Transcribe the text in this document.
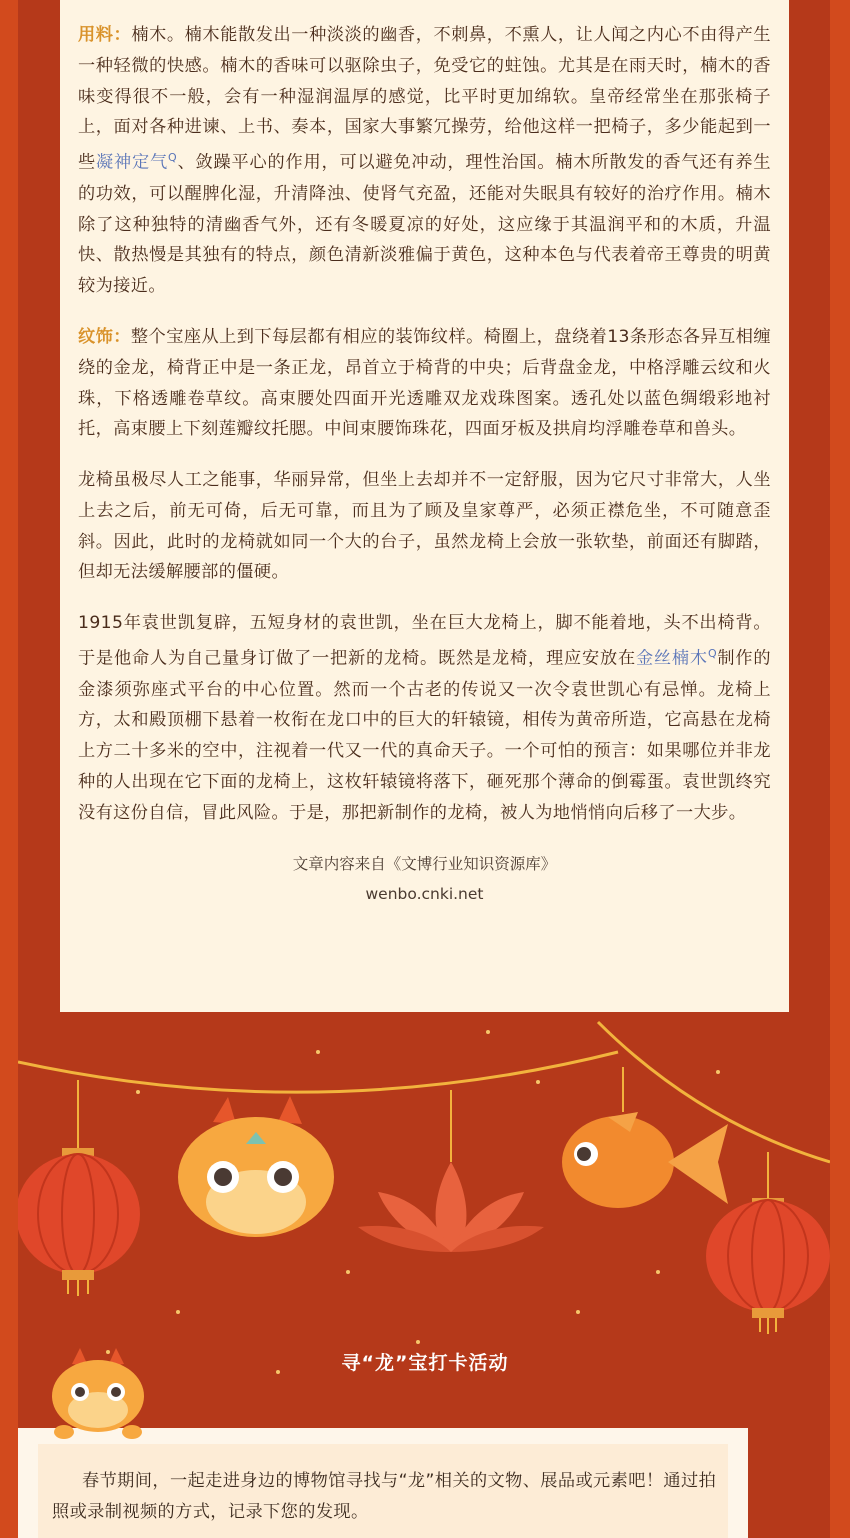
用料：楠木。楠木能散发出一种淡淡的幽香，不刺鼻，不熏人，让人闻之内心不由得产生一种轻微的快感。楠木的香味可以驱除虫子，免受它的蛀蚀。尤其是在雨天时，楠木的香味变得很不一般，会有一种湿润温厚的感觉，比平时更加绵软。皇帝经常坐在那张椅子上，面对各种进谏、上书、奏本，国家大事繁冗操劳，给他这样一把椅子，多少能起到一些凝神定气$^Q$、敛躁平心的作用，可以避免冲动，理性治国。楠木所散发的香气还有养生的功效，可以醒脾化湿，升清降浊、使肾气充盈，还能对失眠具有较好的治疗作用。楠木除了这种独特的清幽香气外，还有冬暖夏凉的好处，这应缘于其温润平和的木质，升温快、散热慢是其独有的特点，颜色清新淡雅偏于黄色，这种本色与代表着帝王尊贵的明黄较为接近。

纹饰：整个宝座从上到下每层都有相应的装饰纹样。椅圈上，盘绕着13条形态各异互相缠绕的金龙，椅背正中是一条正龙，昂首立于椅背的中央；后背盘金龙，中格浮雕云纹和火珠，下格透雕卷草纹。高束腰处四面开光透雕双龙戏珠图案。透孔处以蓝色绸缎彩地衬托，高束腰上下刻莲瓣纹托腮。中间束腰饰珠花，四面牙板及拱肩均浮雕卷草和兽头。

龙椅虽极尽人工之能事，华丽异常，但坐上去却并不一定舒服，因为它尺寸非常大，人坐上去之后，前无可倚，后无可靠，而且为了顾及皇家尊严，必须正襟危坐，不可随意歪斜。因此，此时的龙椅就如同一个大的台子，虽然龙椅上会放一张软垫，前面还有脚踏，但却无法缓解腰部的僵硬。

1915年袁世凯复辟，五短身材的袁世凯，坐在巨大龙椅上，脚不能着地，头不出椅背。于是他命人为自己量身订做了一把新的龙椅。既然是龙椅，理应安放在金丝楠木$^Q$制作的金漆须弥座式平台的中心位置。然而一个古老的传说又一次令袁世凯心有忌惮。龙椅上方，太和殿顶棚下悬着一枚衔在龙口中的巨大的轩辕镜，相传为黄帝所造，它高悬在龙椅上方二十多米的空中，注视着一代又一代的真命天子。一个可怕的预言：如果哪位并非龙种的人出现在它下面的龙椅上，这枚轩辕镜将落下，砸死那个薄命的倒霉蛋。袁世凯终究没有这份自信，冒此风险。于是，那把新制作的龙椅，被人为地悄悄向后移了一大步。

文章内容来自《文博行业知识资源库》
wenbo.cnki.net
寻“龙”宝打卡活动
春节期间，一起走进身边的博物馆寻找与“龙”相关的文物、展品或元素吧！通过拍照或录制视频的方式，记录下您的发现。
